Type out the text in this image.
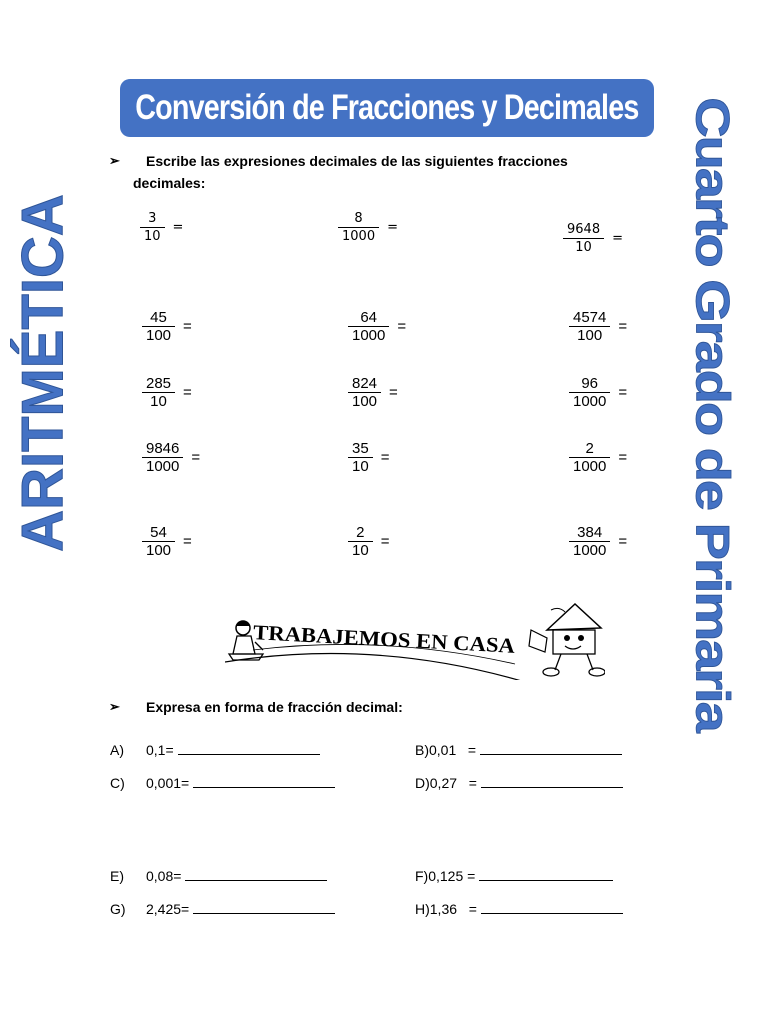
Conversión de Fracciones y Decimales
ARITMÉTICA	Cuarto Grado de Primaria
➢	Escribe las expresiones decimales de las siguientes fracciones
decimales:
$\frac{3}{10}$ =	$\frac{8}{1000}$ =	$\frac{9648}{10}$ =
$\frac{45}{100}$ =	$\frac{64}{1000}$ =	$\frac{4574}{100}$ =
$\frac{285}{10}$ =	$\frac{824}{100}$ =	$\frac{96}{1000}$ =
$\frac{9846}{1000}$ =	$\frac{35}{10}$ =	$\frac{2}{1000}$ =
$\frac{54}{100}$ =	$\frac{2}{10}$ =	$\frac{384}{1000}$ =
TRABAJEMOS EN CASA
➢ Expresa en forma de fracción decimal:
A) 0,1=	B)0,01   =
C) 0,001=	D)0,27   =
E) 0,08=	F)0,125 =
G) 2,425=	H)1,36   =
